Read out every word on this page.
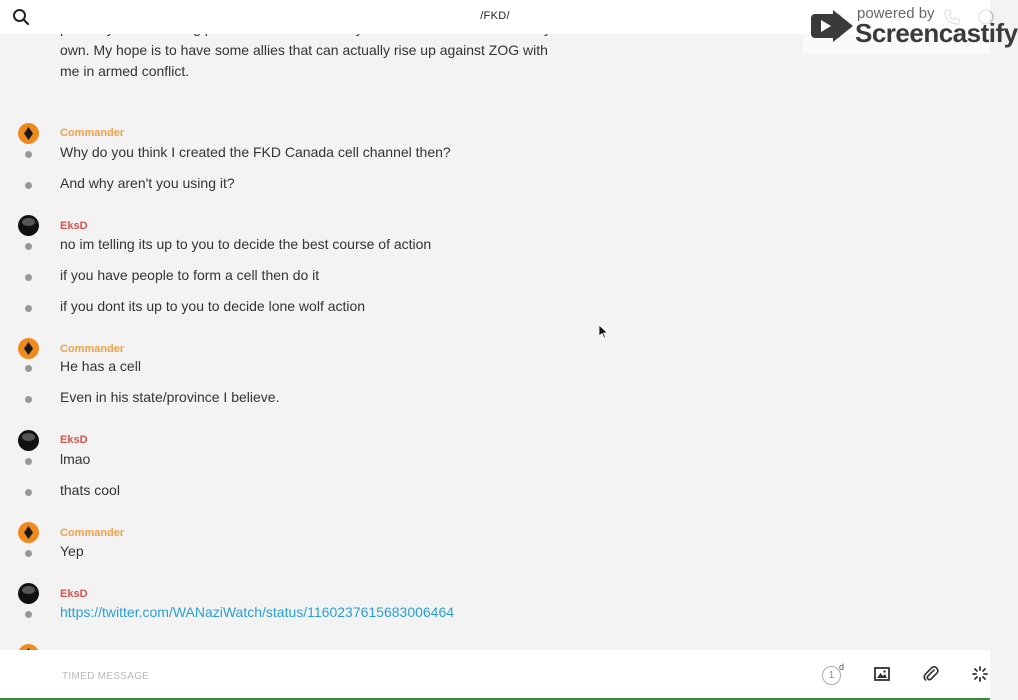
own. My hope is to have some allies that can actually rise up against ZOG with me in armed conflict.
Commander
Why do you think I created the FKD Canada cell channel then?
And why aren't you using it?
EksD
no im telling its up to you to decide the best course of action
if you have people to form a cell then do it
if you dont its up to you to decide lone wolf action
Commander
He has a cell
Even in his state/province I believe.
EksD
lmao
thats cool
Commander
Yep
EksD
https://twitter.com/WANaziWatch/status/1160237615683006464
/FKD/	powered by
Screencastify
TIMED MESSAGE
1
d
